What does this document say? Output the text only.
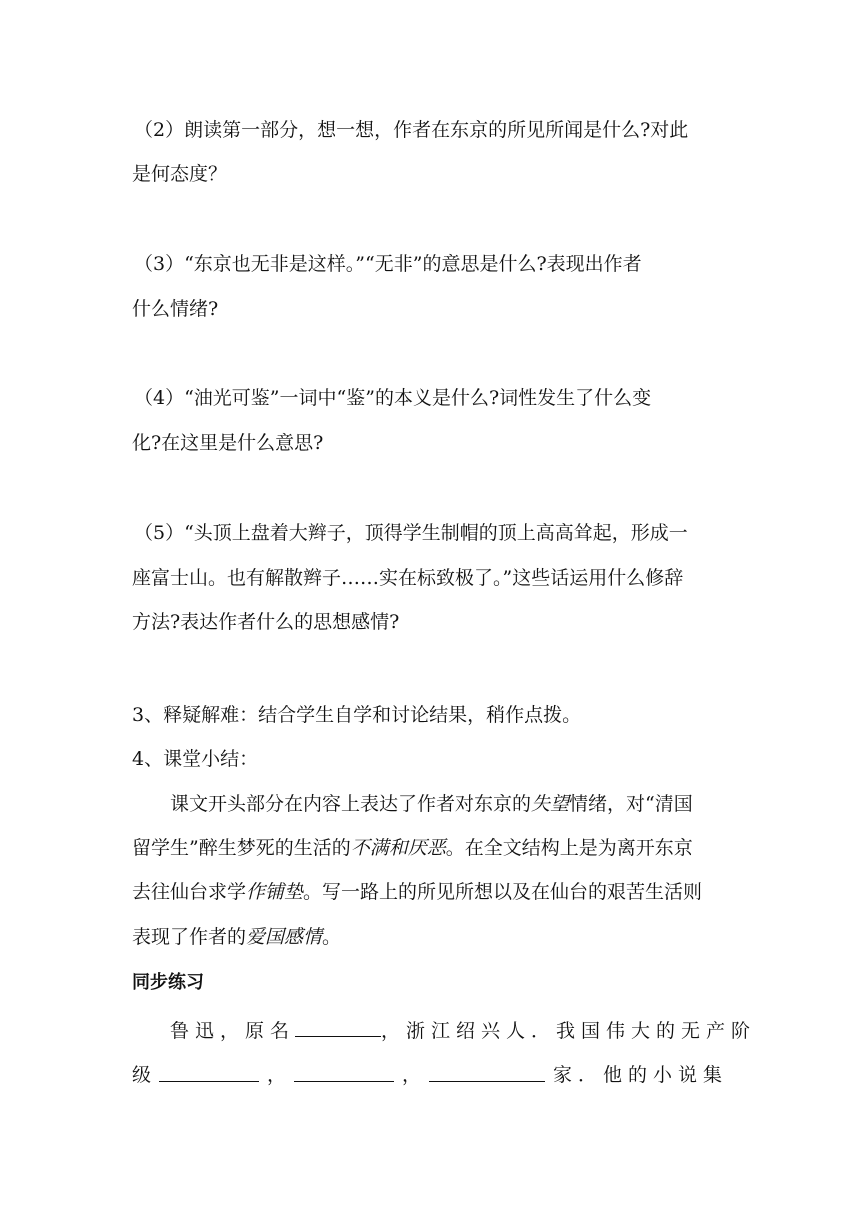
（2）朗读第一部分，想一想，作者在东京的所见所闻是什么?对此
是何态度？
（3）“东京也无非是这样。”“无非”的意思是什么?表现出作者
什么情绪?
（4）“油光可鉴”一词中“鉴”的本义是什么?词性发生了什么变
化?在这里是什么意思?
（5）“头顶上盘着大辫子，顶得学生制帽的顶上高高耸起，形成一
座富士山。也有解散辫子……实在标致极了。”这些话运用什么修辞
方法?表达作者什么的思想感情?
3、释疑解难：结合学生自学和讨论结果，稍作点拨。
4、课堂小结：
课文开头部分在内容上表达了作者对东京的失望情绪，对“清国
留学生”醉生梦死的生活的不满和厌恶。在全文结构上是为离开东京
去往仙台求学作铺垫。写一路上的所见所想以及在仙台的艰苦生活则
表现了作者的爱国感情。
同步练习
鲁迅，原名	，浙江绍兴人．我国伟大的无产阶
级	，	，	家．他的小说集
